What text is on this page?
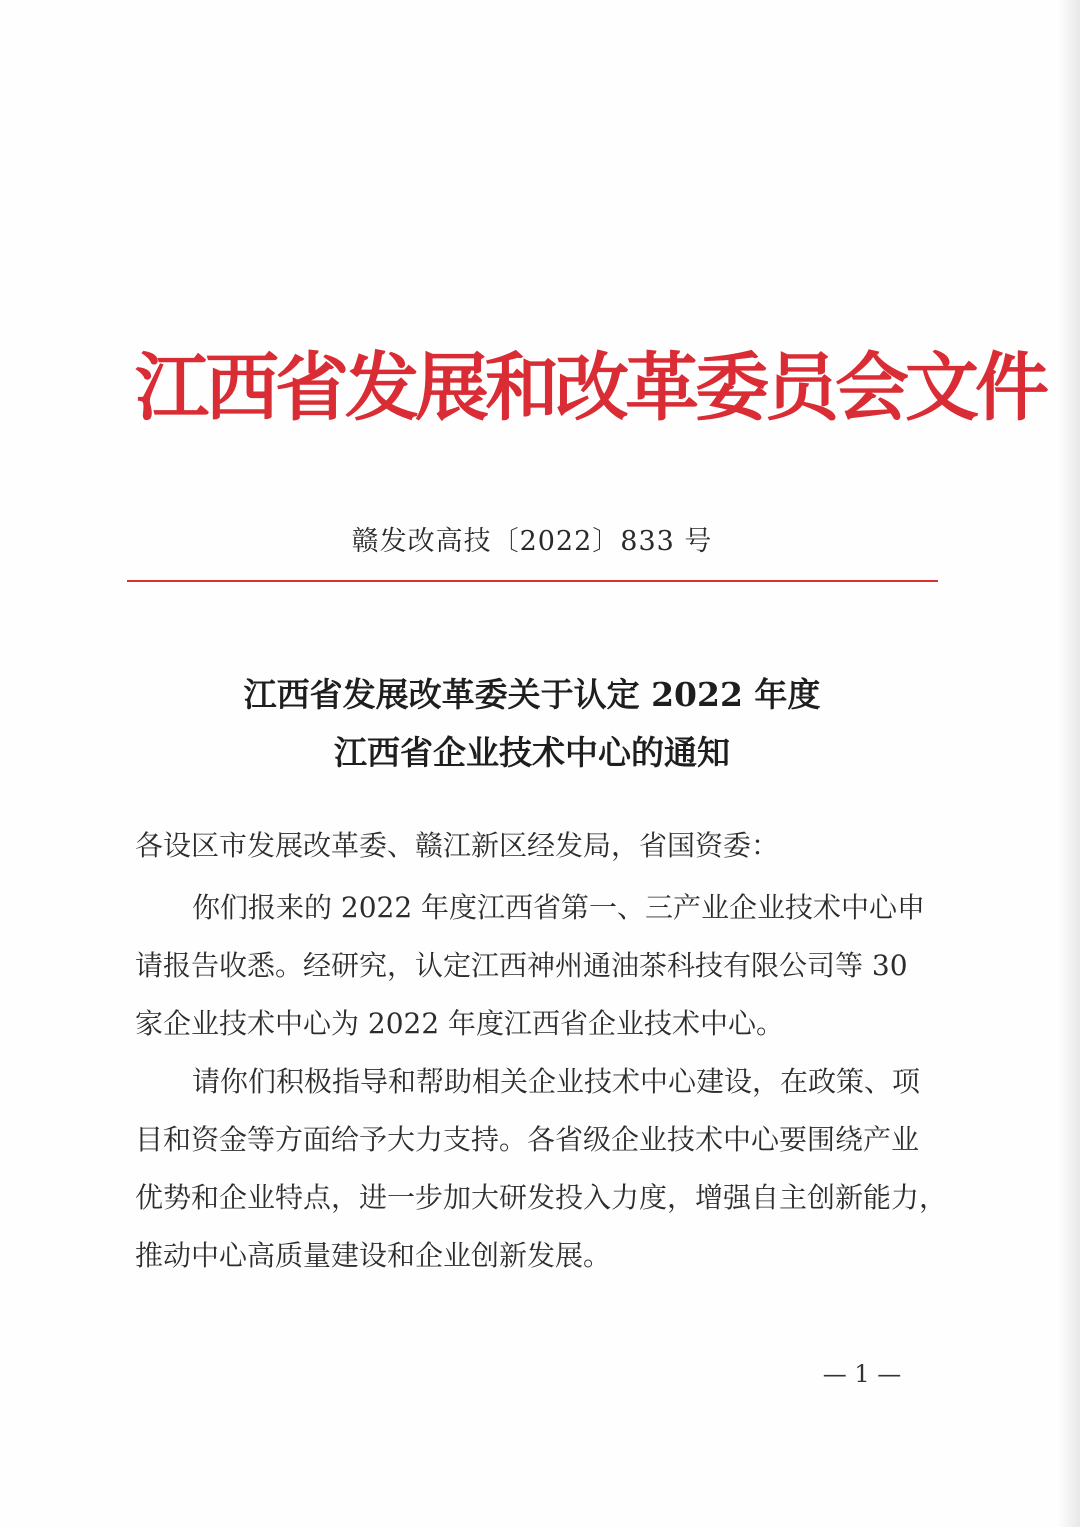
江西省发展和改革委员会文件
赣发改高技〔2022〕833 号
江西省发展改革委关于认定 2022 年度
江西省企业技术中心的通知
各设区市发展改革委、赣江新区经发局，省国资委：
你们报来的 2022 年度江西省第一、三产业企业技术中心申
请报告收悉。经研究，认定江西神州通油茶科技有限公司等 30
家企业技术中心为 2022 年度江西省企业技术中心。
请你们积极指导和帮助相关企业技术中心建设，在政策、项
目和资金等方面给予大力支持。各省级企业技术中心要围绕产业
优势和企业特点，进一步加大研发投入力度，增强自主创新能力，
推动中心高质量建设和企业创新发展。
— 1 —
